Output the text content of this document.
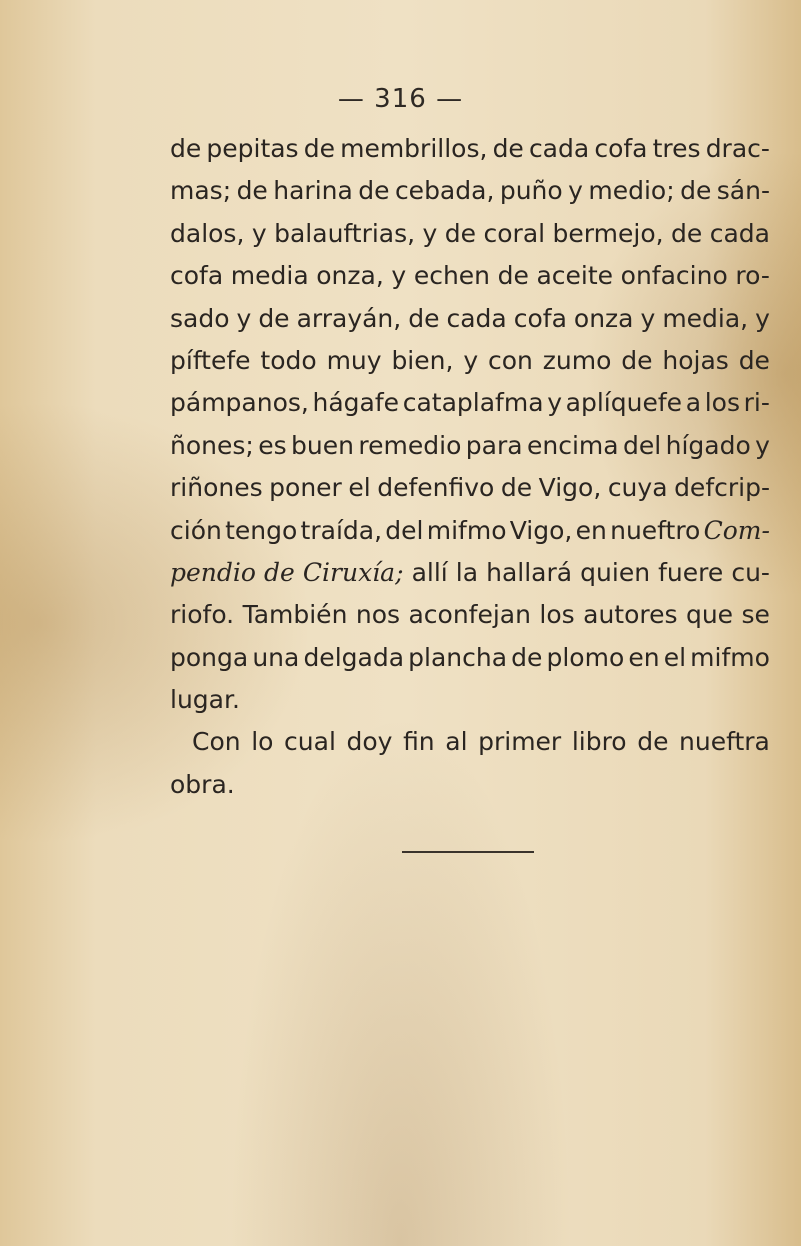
— 316 —
de pepitas de membrillos, de cada cofa tres drac-
mas; de harina de cebada, puño y medio; de sán-
dalos, y balauftrias, y de coral bermejo, de cada
cofa media onza, y echen de aceite onfacino ro-
sado y de arrayán, de cada cofa onza y media, y
píftefe todo muy bien, y con zumo de hojas de
pámpanos, hágafe cataplafma y aplíquefe a los ri-
ñones; es buen remedio para encima del hígado y
riñones poner el defenfivo de Vigo, cuya defcrip-
ción tengo traída, del mifmo Vigo, en nueftro Com-
pendio de Ciruxía; allí la hallará quien fuere cu-
riofo. También nos aconfejan los autores que se
ponga una delgada plancha de plomo en el mifmo
lugar.
Con lo cual doy fin al primer libro de nueftra
obra.
